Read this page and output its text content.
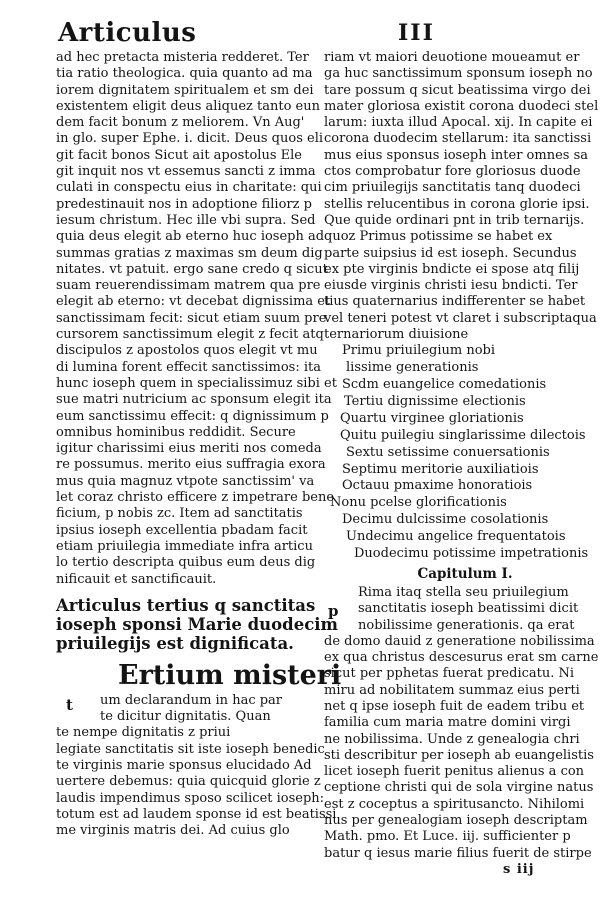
Articulus	III
ad hec pretacta misteria redderet. Ter
tia ratio theologica. quia quanto ad ma
iorem dignitatem spiritualem et sm dei
existentem eligit deus aliquez tanto eun
dem facit bonum z meliorem. Vn Aug'
in glo. super Ephe. i. dicit. Deus quos eli
git facit bonos Sicut ait apostolus Ele
git inquit nos vt essemus sancti z imma
culati in conspectu eius in charitate: qui
predestinauit nos in adoptione filiorz p
iesum christum. Hec ille vbi supra. Sed
quia deus elegit ab eterno huc ioseph ad
summas gratias z maximas sm deum dig
nitates. vt patuit. ergo sane credo q sicut
suam reuerendissimam matrem qua pre
elegit ab eterno: vt decebat dignissima et
sanctissimam fecit: sicut etiam suum pre
cursorem sanctissimum elegit z fecit atq
discipulos z apostolos quos elegit vt mu
di lumina forent effecit sanctissimos: ita
hunc ioseph quem in specialissimuz sibi et
sue matri nutricium ac sponsum elegit ita
eum sanctissimu effecit: q dignissimum p
omnibus hominibus reddidit. Secure
igitur charissimi eius meriti nos comeda
re possumus. merito eius suffragia exora
mus quia magnuz vtpote sanctissim' va
let coraz christo efficere z impetrare bene
ficium, p nobis zc. Item ad sanctitatis
ipsius ioseph excellentia pbadam facit
etiam priuilegia immediate infra articu
lo tertio descripta quibus eum deus dig
nificauit et sanctificauit.
Articulus tertius q sanctitas
ioseph sponsi Marie duodecim
priuilegijs est dignificata.
Ertium misteri
t	um declarandum in hac par
te dicitur dignitatis. Quan
te nempe dignitatis z priui
legiate sanctitatis sit iste ioseph benedic
te virginis marie sponsus elucidado Ad
uertere debemus: quia quicquid glorie z
laudis impendimus sposo scilicet ioseph:
totum est ad laudem sponse id est beatissi
me virginis matris dei. Ad cuius glo
riam vt maiori deuotione moueamut er
ga huc sanctissimum sponsum ioseph no
tare possum q sicut beatissima virgo dei
mater gloriosa existit corona duodeci stel
larum: iuxta illud Apocal. xij. In capite ei
corona duodecim stellarum: ita sanctissi
mus eius sponsus ioseph inter omnes sa
ctos comprobatur fore gloriosus duode
cim priuilegijs sanctitatis tanq duodeci
stellis relucentibus in corona glorie ipsi.
Que quide ordinari pnt in trib ternarijs. quoz Primus potissime se habet ex
parte suipsius id est ioseph. Secundus
ex pte virginis bndicte ei spose atq filij
eiusde virginis christi iesu bndicti. Ter
tius quaternarius indifferenter se habet
vel teneri potest vt claret i subscriptaqua
ternariorum diuisione
Primu priuilegium nobi
lissime generationis
Scdm euangelice comedationis
Tertiu dignissime electionis
Quartu virginee gloriationis
Quitu puilegiu singlarissime dilectois
Sextu setissime conuersationis
Septimu meritorie auxiliatiois
Octauu pmaxime honoratiois
Nonu pcelse glorificationis
Decimu dulcissime cosolationis
Undecimu angelice frequentatois
Duodecimu potissime impetrationis
Capitulum I.
Rima itaq stella seu priuilegium
p	sanctitatis ioseph beatissimi dicit
nobilissime generationis. qa erat
de domo dauid z generatione nobilissima
ex qua christus descesurus erat sm carne
sicut per pphetas fuerat predicatu. Ni
miru ad nobilitatem summaz eius perti
net q ipse ioseph fuit de eadem tribu et
familia cum maria matre domini virgi
ne nobilissima. Unde z genealogia chri
sti describitur per ioseph ab euangelistis
licet ioseph fuerit penitus alienus a con
ceptione christi qui de sola virgine natus
est z coceptus a spiritusancto. Nihilomi
nus per genealogiam ioseph descriptam
Math. pmo. Et Luce. iij. sufficienter p
batur q iesus marie filius fuerit de stirpe
s iij
